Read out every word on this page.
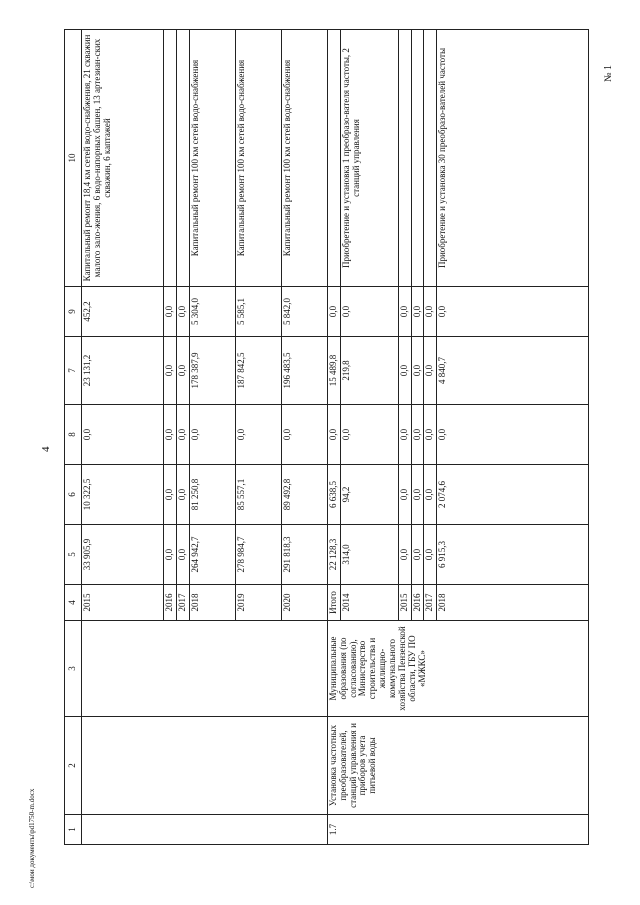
4
№ 1
1	2	3	4	5	6	8	7	9	10
			2015	33 905,9	10 322,5	0,0	23 131,2	452,2	Капитальный ремонт 18,4 км сетей водо-снабжения, 21 скважин малого зало-жения, 6 водо-напорных башен, 13 артезиан-ских скважин, 6 каптажей
			2016	0,0	0,0	0,0	0,0	0,0	
			2017	0,0	0,0	0,0	0,0	0,0	
			2018	264 942,7	81 250,8	0,0	178 387,9	5 304,0	Капитальный ремонт 100 км сетей водо-снабжения
			2019	278 984,7	85 557,1	0,0	187 842,5	5 585,1	Капитальный ремонт 100 км сетей водо-снабжения
			2020	291 818,3	89 492,8	0,0	196 483,5	5 842,0	Капитальный ремонт 100 км сетей водо-снабжения
1.7	Установка частотных преобразователей, станций управления и приборов учета питьевой воды	Муниципальные образования (по согласованию), Министерство строительства и жилищно-коммунального хозяйства Пензенской области, ГБУ ПО «МЖКС»	Итого	22 128,3	6 638,5	0,0	15 489,8	0,0	
			2014	314,0	94,2	0,0	219,8	0,0	Приобретение и установка 1 преобразо-вателя частоты, 2 станций управления
			2015	0,0	0,0	0,0	0,0	0,0	
			2016	0,0	0,0	0,0	0,0	0,0	
			2017	0,0	0,0	0,0	0,0	0,0	
			2018	6 915,3	2 074,6	0,0	4 840,7	0,0	Приобретение и установка 30 преобразо-вателей частоты
c:\мои документы\pd1750-m.docx
